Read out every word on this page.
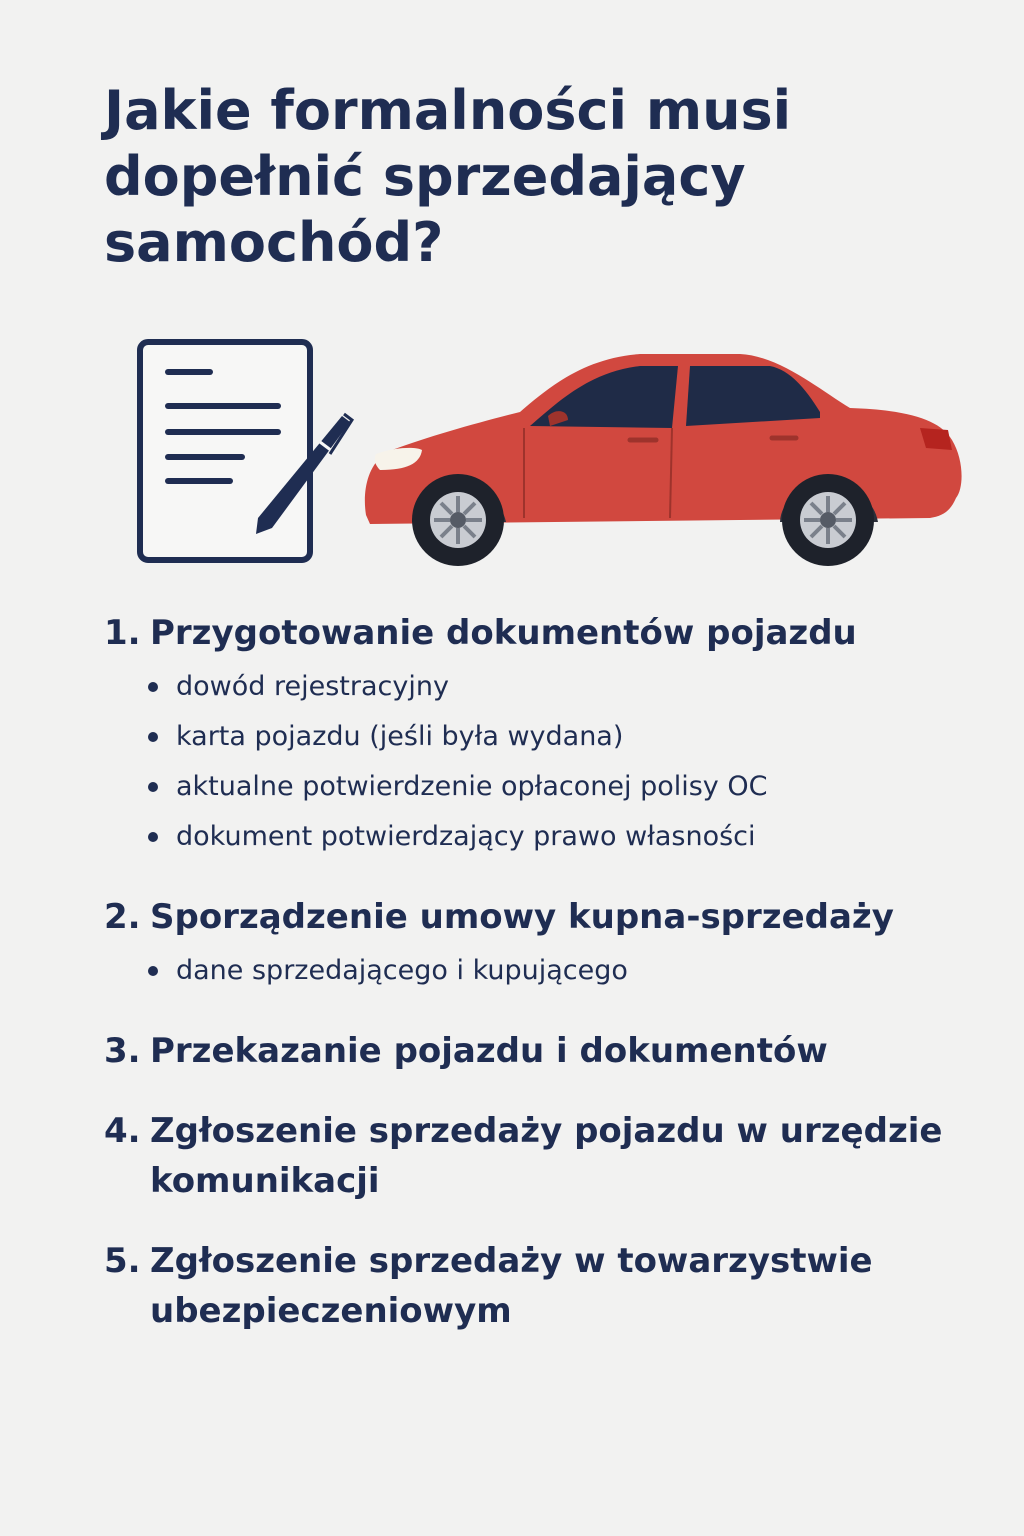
Jakie formalności musi dopełnić sprzedający samochód?
1. Przygotowanie dokumentów pojazdu
dowód rejestracyjny
karta pojazdu (jeśli była wydana)
aktualne potwierdzenie opłaconej polisy OC
dokument potwierdzający prawo własności
2. Sporządzenie umowy kupna-sprzedaży
dane sprzedającego i kupującego
3. Przekazanie pojazdu i dokumentów
4. Zgłoszenie sprzedaży pojazdu w urzędzie komunikacji
5. Zgłoszenie sprzedaży w towarzystwie ubezpieczeniowym
